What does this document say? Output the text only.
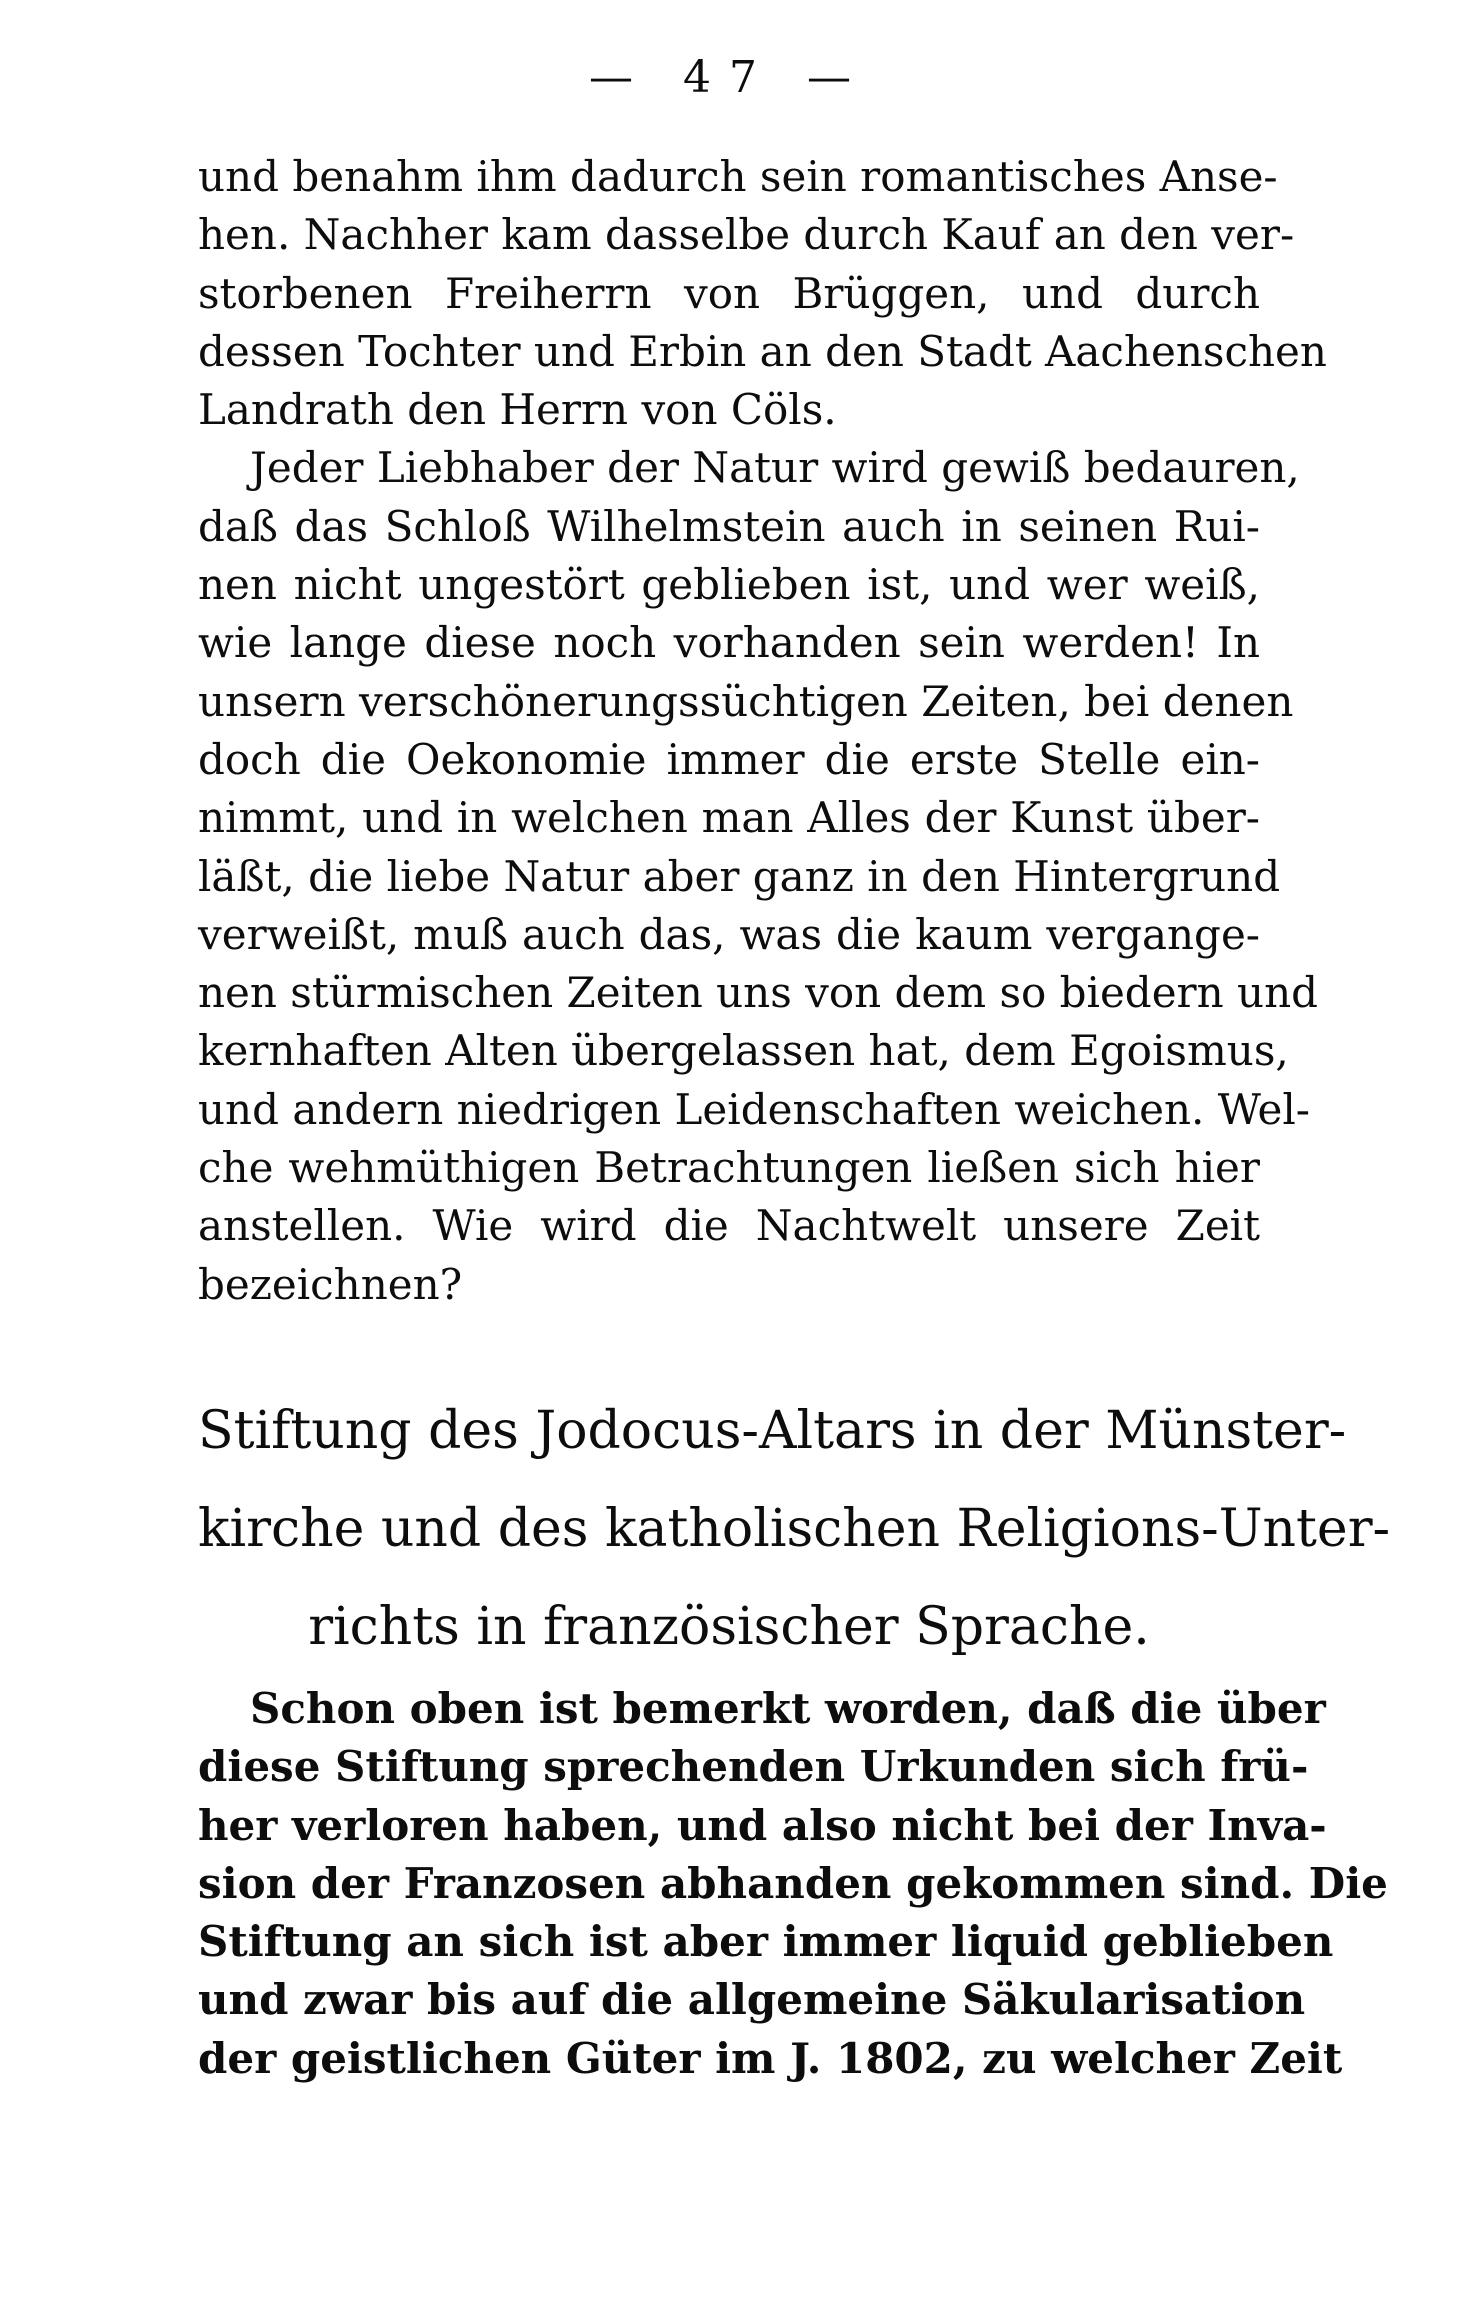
— 47 —
und benahm ihm dadurch sein romantisches Anse-
hen. Nachher kam dasselbe durch Kauf an den ver-
storbenen Freiherrn von Brüggen, und durch
dessen Tochter und Erbin an den Stadt Aachenschen
Landrath den Herrn von Cöls.
Jeder Liebhaber der Natur wird gewiß bedauren,
daß das Schloß Wilhelmstein auch in seinen Rui-
nen nicht ungestört geblieben ist, und wer weiß,
wie lange diese noch vorhanden sein werden! In
unsern verschönerungssüchtigen Zeiten, bei denen
doch die Oekonomie immer die erste Stelle ein-
nimmt, und in welchen man Alles der Kunst über-
läßt, die liebe Natur aber ganz in den Hintergrund
verweißt, muß auch das, was die kaum vergange-
nen stürmischen Zeiten uns von dem so biedern und
kernhaften Alten übergelassen hat, dem Egoismus,
und andern niedrigen Leidenschaften weichen. Wel-
che wehmüthigen Betrachtungen ließen sich hier
anstellen. Wie wird die Nachtwelt unsere Zeit
bezeichnen?
Stiftung des Jodocus-Altars in der Münster-
kirche und des katholischen Religions-Unter-
richts in französischer Sprache.
Schon oben ist bemerkt worden, daß die über
diese Stiftung sprechenden Urkunden sich frü-
her verloren haben, und also nicht bei der Inva-
sion der Franzosen abhanden gekommen sind. Die
Stiftung an sich ist aber immer liquid geblieben
und zwar bis auf die allgemeine Säkularisation
der geistlichen Güter im J. 1802, zu welcher Zeit
